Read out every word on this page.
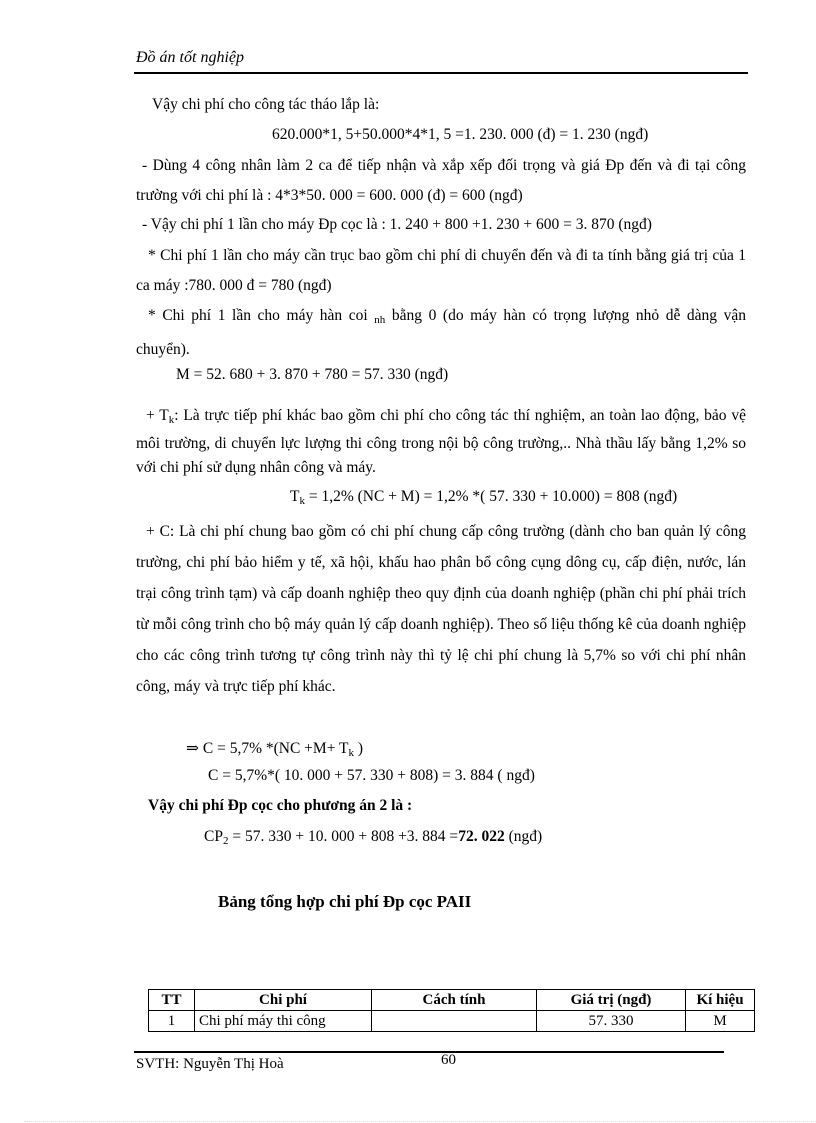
Đồ án tốt nghiệp
Vậy chi phí cho công tác tháo lắp là:
620.000*1, 5+50.000*4*1, 5 =1. 230. 000 (đ) = 1. 230 (ngđ)
- Dùng 4 công nhân làm 2 ca để tiếp nhận và xắp xếp đối trọng và giá Đp đến và đi tại công trường với chi phí là : 4*3*50. 000 = 600. 000 (đ) = 600 (ngđ)
- Vậy chi phí 1 lần cho máy Đp cọc là : 1. 240 + 800 +1. 230 + 600 = 3. 870 (ngđ)
* Chi phí 1 lần cho máy cần trục bao gồm chi phí di chuyển đến và đi ta tính bằng giá trị của 1 ca máy :780. 000 đ = 780 (ngđ)
* Chi phí 1 lần cho máy hàn coi $_{nh}$ bằng 0 (do máy hàn có trọng lượng nhỏ dễ dàng vận chuyển).
M = 52. 680 + 3. 870 + 780 = 57. 330 (ngđ)
+ $T_k$: Là trực tiếp phí khác bao gồm chi phí cho công tác thí nghiệm, an toàn lao động, bảo vệ môi trường, di chuyển lực lượng thi công trong nội bộ công trường,.. Nhà thầu lấy bằng 1,2% so với chi phí sử dụng nhân công và máy.
$T_k = 1,2\%$ (NC + M) = 1,2% *( 57. 330 + 10.000) = 808 (ngđ)
+ C: Là chi phí chung bao gồm có chi phí chung cấp công trường (dành cho ban quản lý công trường, chi phí bảo hiểm y tế, xã hội, khấu hao phân bổ công cụng dông cụ, cấp điện, nước, lán trại công trình tạm) và cấp doanh nghiệp theo quy định của doanh nghiệp (phần chi phí phải trích từ mỗi công trình cho bộ máy quản lý cấp doanh nghiệp). Theo số liệu thống kê của doanh nghiệp cho các công trình tương tự công trình này thì tỷ lệ chi phí chung là 5,7% so với chi phí nhân công, máy và trực tiếp phí khác.
⇒ C = 5,7% $*(NC +M+ T_k$ )
C = 5,7%*( 10. 000 + 57. 330 + 808) = 3. 884 ( ngđ)
Vậy chi phí Đp cọc cho phương án 2 là :
$CP_2 = 57$. 330 + 10. 000 + 808 +3. 884 =72. 022 (ngđ)
Bảng tổng hợp chi phí Đp cọc PAII
TT	Chi phí	Cách tính	Giá trị (ngđ)	Kí hiệu
1	Chi phí máy thi công		57. 330	M
60
SVTH: Nguyễn Thị Hoà
